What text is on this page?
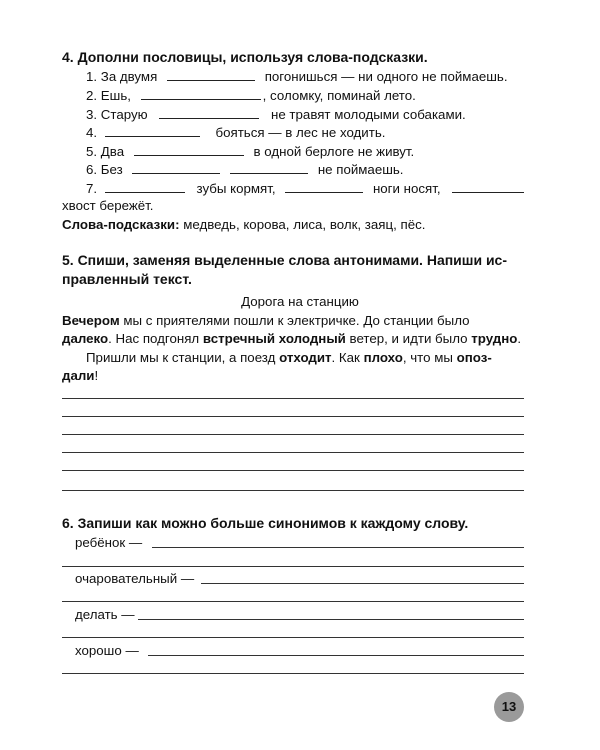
4. Дополни пословицы, используя слова-подсказки.
1. За двумя	погонишься — ни одного не поймаешь.
2. Ешь,	, соломку, поминай лето.
3. Старую	не травят молодыми собаками.
4.	бояться — в лес не ходить.
5. Два	в одной берлоге не живут.
6. Без	не поймаешь.
7.	зубы кормят,	ноги носят,
хвост бережёт.
Слова-подсказки: медведь, корова, лиса, волк, заяц, пёс.
5. Спиши, заменяя выделенные слова антонимами. Напиши ис-
правленный текст.
Дорога на станцию
Вечером мы с приятелями пошли к электричке. До станции было
далеко. Нас подгонял встречный холодный ветер, и идти было трудно.
Пришли мы к станции, а поезд отходит. Как плохо, что мы опоз-
дали!
6. Запиши как можно больше синонимов к каждому слову.
ребёнок —
очаровательный —
делать —
хорошо —
13
